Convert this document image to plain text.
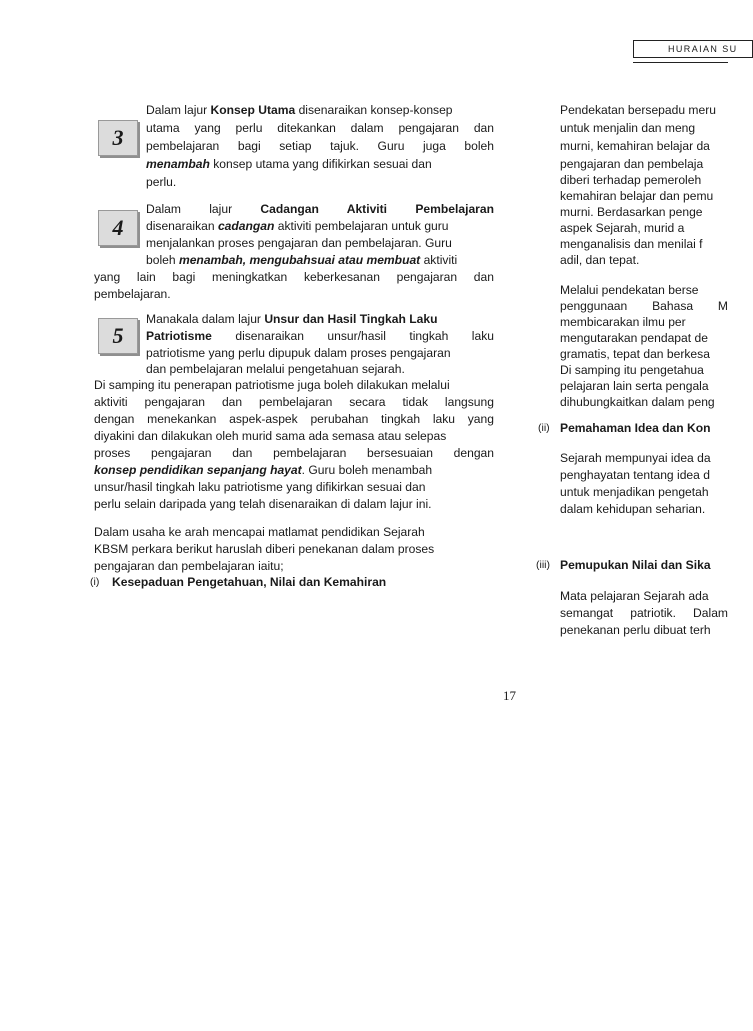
HURAIAN SU
3
Dalam lajur Konsep Utama disenaraikan konsep-konsep
utama yang perlu ditekankan dalam pengajaran dan
pembelajaran bagi setiap tajuk. Guru juga boleh
menambah konsep utama yang difikirkan sesuai dan
perlu.
4
Dalam lajur Cadangan Aktiviti Pembelajaran
disenaraikan cadangan aktiviti pembelajaran untuk guru
menjalankan proses pengajaran dan pembelajaran. Guru
boleh menambah, mengubahsuai atau membuat aktiviti
yang lain bagi meningkatkan keberkesanan pengajaran dan
pembelajaran.
5
Manakala dalam lajur Unsur dan Hasil Tingkah Laku
Patriotisme disenaraikan unsur/hasil tingkah laku
patriotisme yang perlu dipupuk dalam proses pengajaran
dan pembelajaran melalui pengetahuan sejarah.
Di samping itu penerapan patriotisme juga boleh dilakukan melalui
aktiviti pengajaran dan pembelajaran secara tidak langsung
dengan menekankan aspek-aspek perubahan tingkah laku yang
diyakini dan dilakukan oleh murid sama ada semasa atau selepas
proses pengajaran dan pembelajaran bersesuaian dengan
konsep pendidikan sepanjang hayat. Guru boleh menambah
unsur/hasil tingkah laku patriotisme yang difikirkan sesuai dan
perlu selain daripada yang telah disenaraikan di dalam lajur ini.
Dalam usaha ke arah mencapai matlamat pendidikan Sejarah
KBSM perkara berikut haruslah diberi penekanan dalam proses
pengajaran dan pembelajaran iaitu;
(i) Kesepaduan Pengetahuan, Nilai dan Kemahiran
Pendekatan bersepadu meru
untuk menjalin dan meng
murni, kemahiran belajar da
pengajaran dan pembelaja
diberi terhadap pemeroleh
kemahiran belajar dan pemu
murni. Berdasarkan penge
aspek Sejarah, murid a
menganalisis dan menilai f
adil, dan tepat.
Melalui pendekatan berse
penggunaan Bahasa M
membicarakan ilmu per
mengutarakan pendapat de
gramatis, tepat dan berkesa
Di samping itu pengetahua
pelajaran lain serta pengala
dihubungkaitkan dalam peng
(ii) Pemahaman Idea dan Kon
Sejarah mempunyai idea da
penghayatan tentang idea d
untuk menjadikan pengetah
dalam kehidupan seharian.
(iii) Pemupukan Nilai dan Sika
Mata pelajaran Sejarah ada
semangat patriotik. Dalam
penekanan perlu dibuat terh
17
